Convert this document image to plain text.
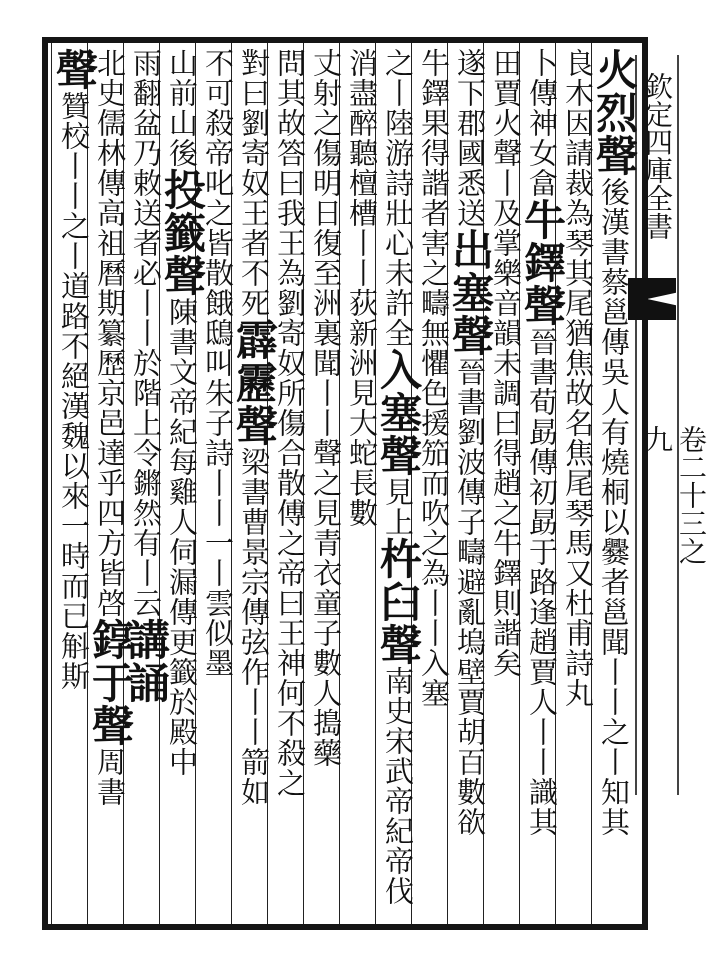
欽定四庫全書
卷二十三之九
火烈聲後漢書蔡邕傳吳人有燒桐以爨者邕聞丨丨之丨知其
良木因請裁為琴其尾猶焦故名焦尾琴馬又杜甫詩丸
卜傳神女畣牛鐸聲晉書荀勗傳初勗于路逢趙賈人丨丨識其
田賈火聲丨及掌樂音韻未調曰得趙之牛鐸則諧矣
遂下郡國悉送出塞聲晉書劉波傳子疇避亂塢壁賈胡百數欲
牛鐸果得諧者害之疇無懼色援笳而吹之為丨丨入塞
之丨陸游詩壯心未許全入塞聲見上杵臼聲南史宋武帝紀帝伐
消盡醉聽檀槽丨丨荻新洲見大蛇長數
丈射之傷明日復至洲裏聞丨丨聲之見青衣童子數人搗藥
問其故答曰我王為劉寄奴所傷合散傅之帝曰王神何不殺之
對曰劉寄奴王者不死霹靂聲梁書曹景宗傳弦作丨丨箭如
不可殺帝叱之皆散餓鴟叫朱子詩丨丨一丨雲似墨
山前山後投籤聲陳書文帝紀每雞人伺漏傳更籤於殿中
雨翻盆乃敕送者必丨丨於階上令鏘然有丨云講誦
北史儒林傳高祖曆期纂歷京邑達乎四方皆啓錞于聲周書
聲贊校丨丨之丨道路不絕漢魏以來一時而已斛斯
